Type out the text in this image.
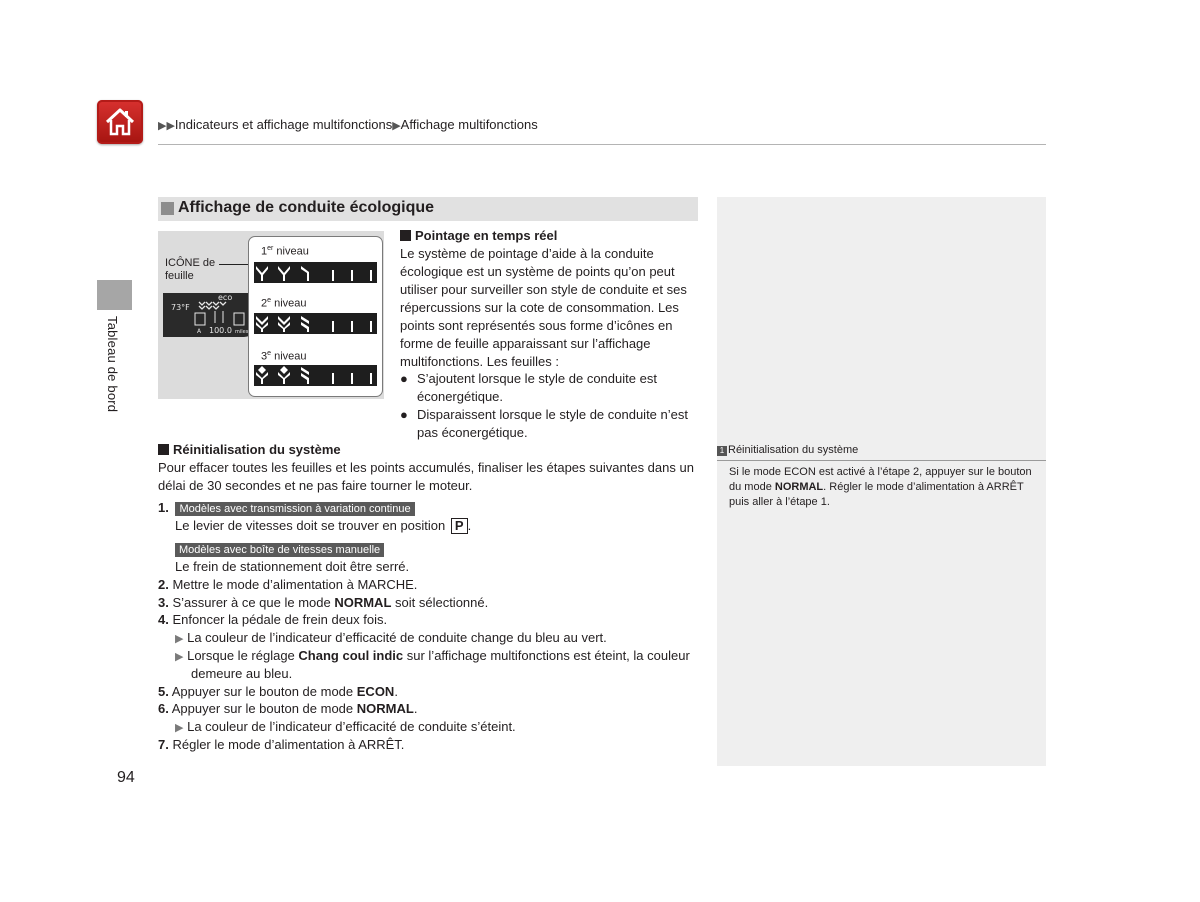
▶▶Indicateurs et affichage multifonctions▶Affichage multifonctions
Tableau de bord
Affichage de conduite écologique
1 Réinitialisation du système
Si le mode ECON est activé à l’étape 2, appuyer sur le bouton
du mode NORMAL. Régler le mode d’alimentation à ARRÊT
puis aller à l’étape 1.
ICÔNE de
feuille
eco
73°F
A 100.0 miles
1er niveau
2e niveau
3e niveau
Pointage en temps réel
Le système de pointage d’aide à la conduite
écologique est un système de points qu’on peut
utiliser pour surveiller son style de conduite et ses
répercussions sur la cote de consommation. Les
points sont représentés sous forme d’icônes en
forme de feuille apparaissant sur l’affichage
multifonctions. Les feuilles :
● S’ajoutent lorsque le style de conduite est
éconergétique.
● Disparaissent lorsque le style de conduite n’est
pas éconergétique.
Réinitialisation du système
Pour effacer toutes les feuilles et les points accumulés, finaliser les étapes suivantes dans un
délai de 30 secondes et ne pas faire tourner le moteur.
1. Modèles avec transmission à variation continue
Le levier de vitesses doit se trouver en position P .
Modèles avec boîte de vitesses manuelle
Le frein de stationnement doit être serré.
2. Mettre le mode d’alimentation à MARCHE.
3. S’assurer à ce que le mode NORMAL soit sélectionné.
4. Enfoncer la pédale de frein deux fois.
▶ La couleur de l’indicateur d’efficacité de conduite change du bleu au vert.
▶ Lorsque le réglage Chang coul indic sur l’affichage multifonctions est éteint, la couleur
demeure au bleu.
5. Appuyer sur le bouton de mode ECON.
6. Appuyer sur le bouton de mode NORMAL.
▶ La couleur de l’indicateur d’efficacité de conduite s’éteint.
7. Régler le mode d’alimentation à ARRÊT.
94
